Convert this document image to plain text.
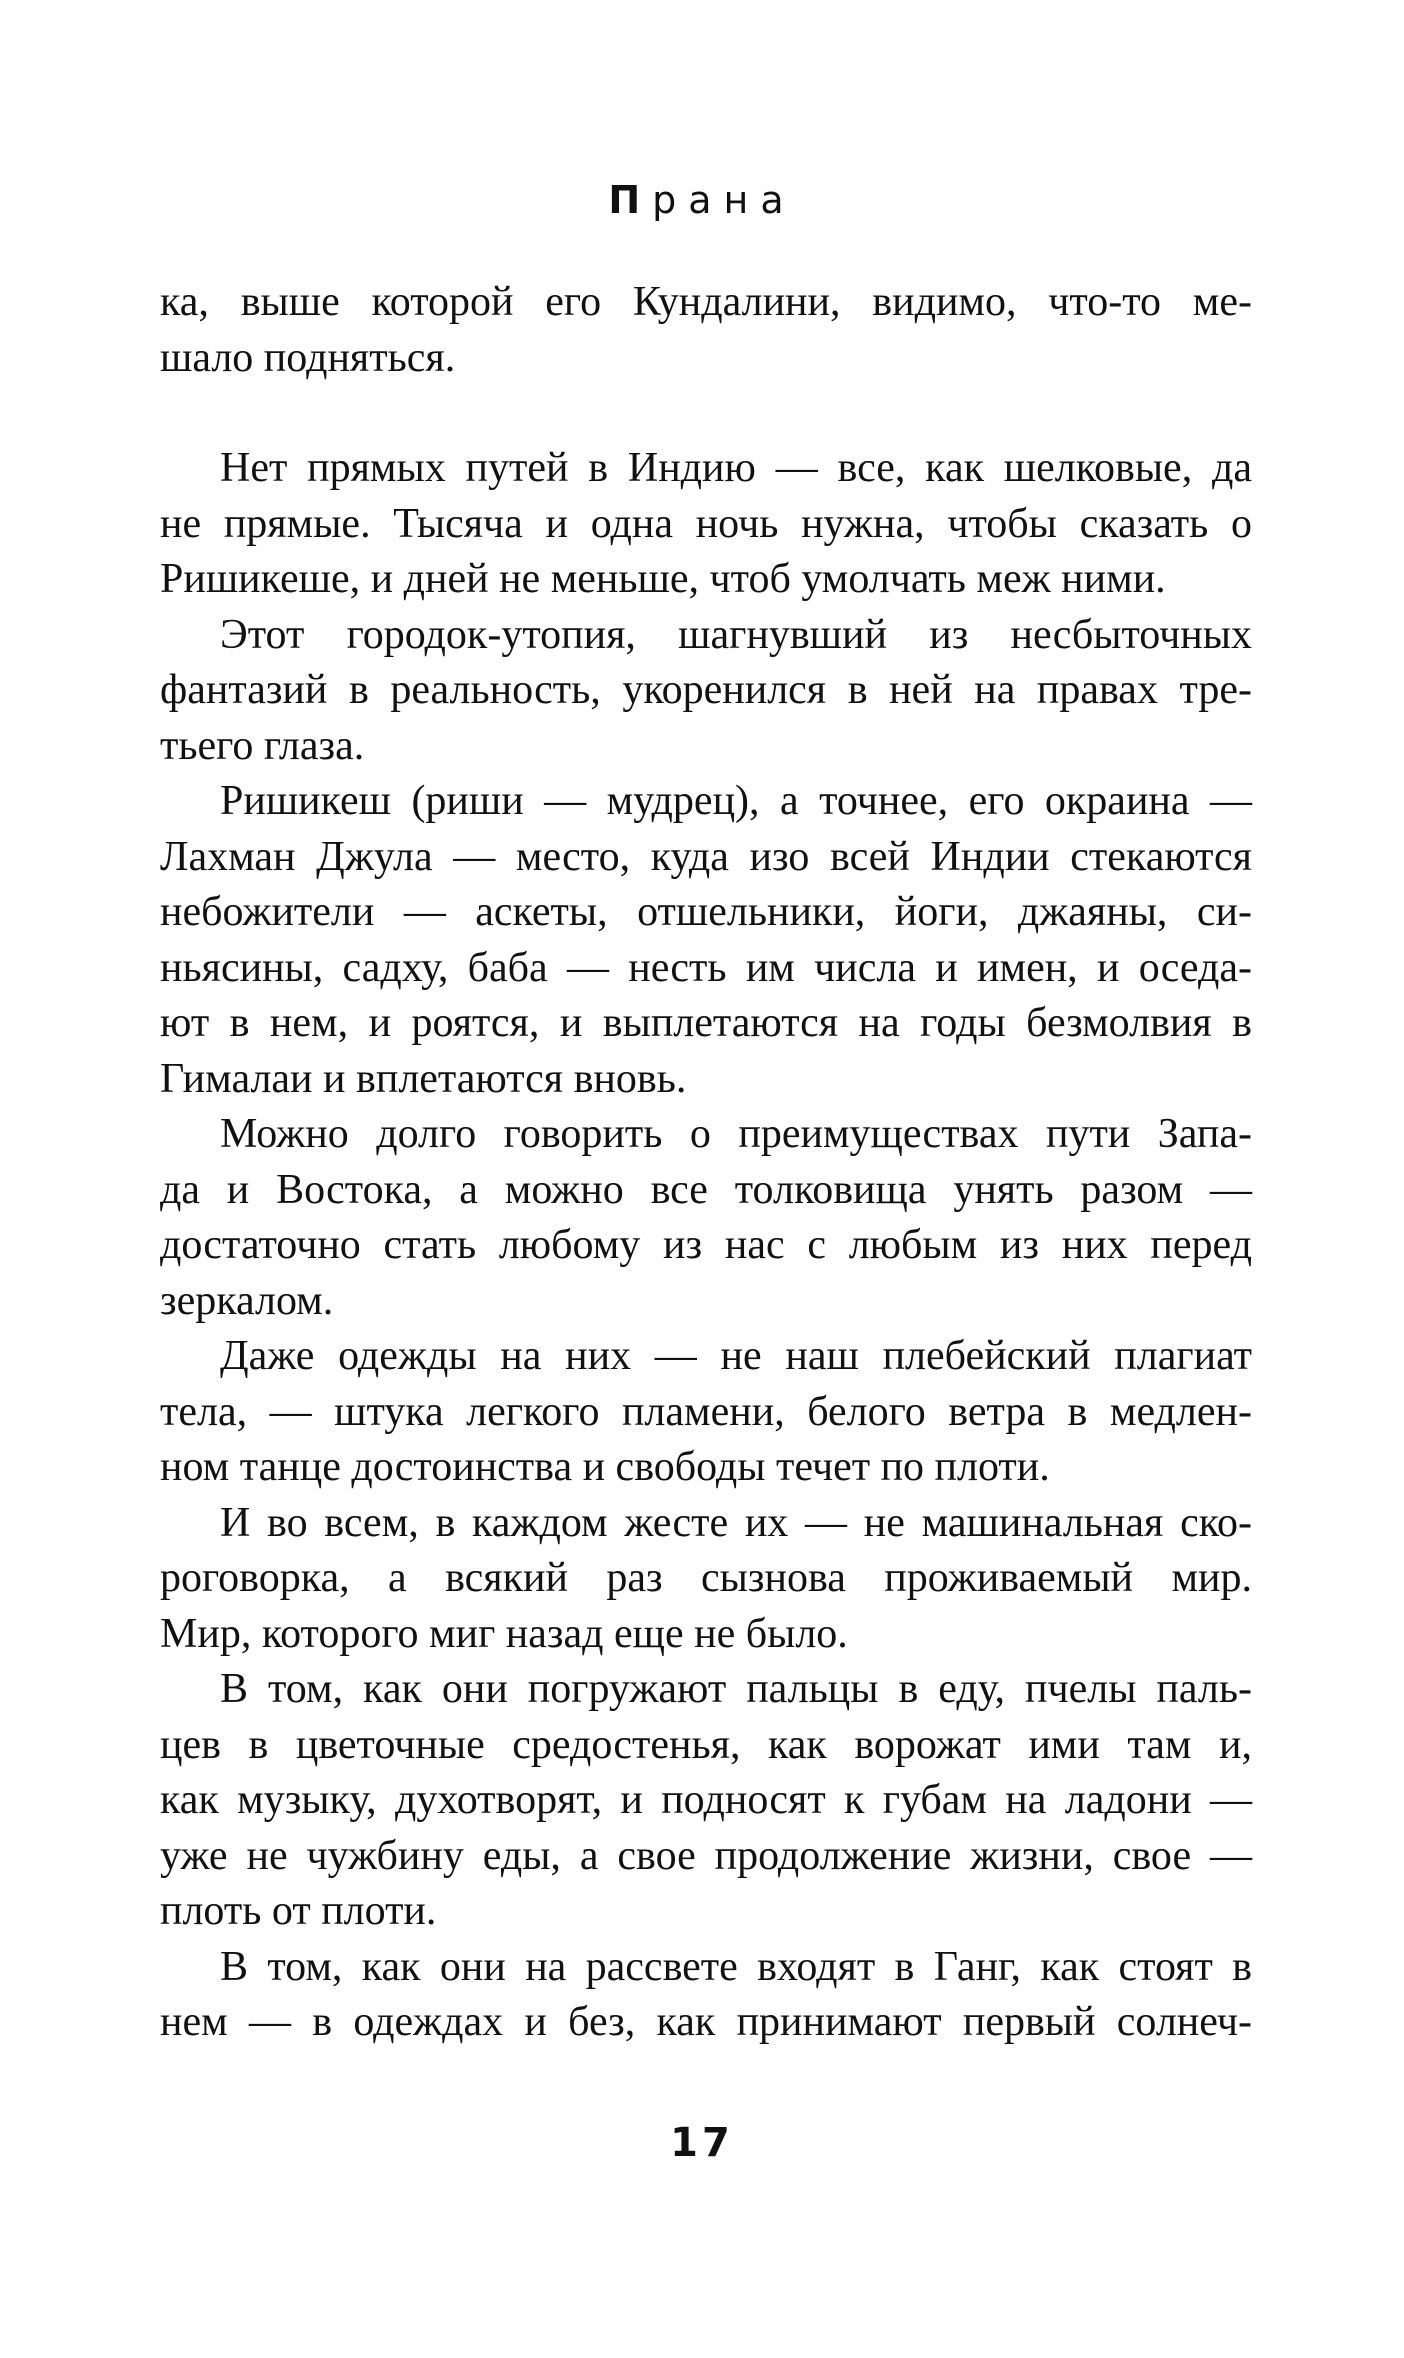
Прана
ка, выше которой его Кундалини, видимо, что-то ме-
шало подняться.
Нет прямых путей в Индию — все, как шелковые, да
не прямые. Тысяча и одна ночь нужна, чтобы сказать о
Ришикеше, и дней не меньше, чтоб умолчать меж ними.
Этот городок-утопия, шагнувший из несбыточных
фантазий в реальность, укоренился в ней на правах тре-
тьего глаза.
Ришикеш (риши — мудрец), а точнее, его окраина —
Лахман Джула — место, куда изо всей Индии стекаются
небожители — аскеты, отшельники, йоги, джаяны, си-
ньясины, садху, баба — несть им числа и имен, и оседа-
ют в нем, и роятся, и выплетаются на годы безмолвия в
Гималаи и вплетаются вновь.
Можно долго говорить о преимуществах пути Запа-
да и Востока, а можно все толковища унять разом —
достаточно стать любому из нас с любым из них перед
зеркалом.
Даже одежды на них — не наш плебейский плагиат
тела, — штука легкого пламени, белого ветра в медлен-
ном танце достоинства и свободы течет по плоти.
И во всем, в каждом жесте их — не машинальная ско-
роговорка, а всякий раз сызнова проживаемый мир.
Мир, которого миг назад еще не было.
В том, как они погружают пальцы в еду, пчелы паль-
цев в цветочные средостенья, как ворожат ими там и,
как музыку, духотворят, и подносят к губам на ладони —
уже не чужбину еды, а свое продолжение жизни, свое —
плоть от плоти.
В том, как они на рассвете входят в Ганг, как стоят в
нем — в одеждах и без, как принимают первый солнеч-
17
